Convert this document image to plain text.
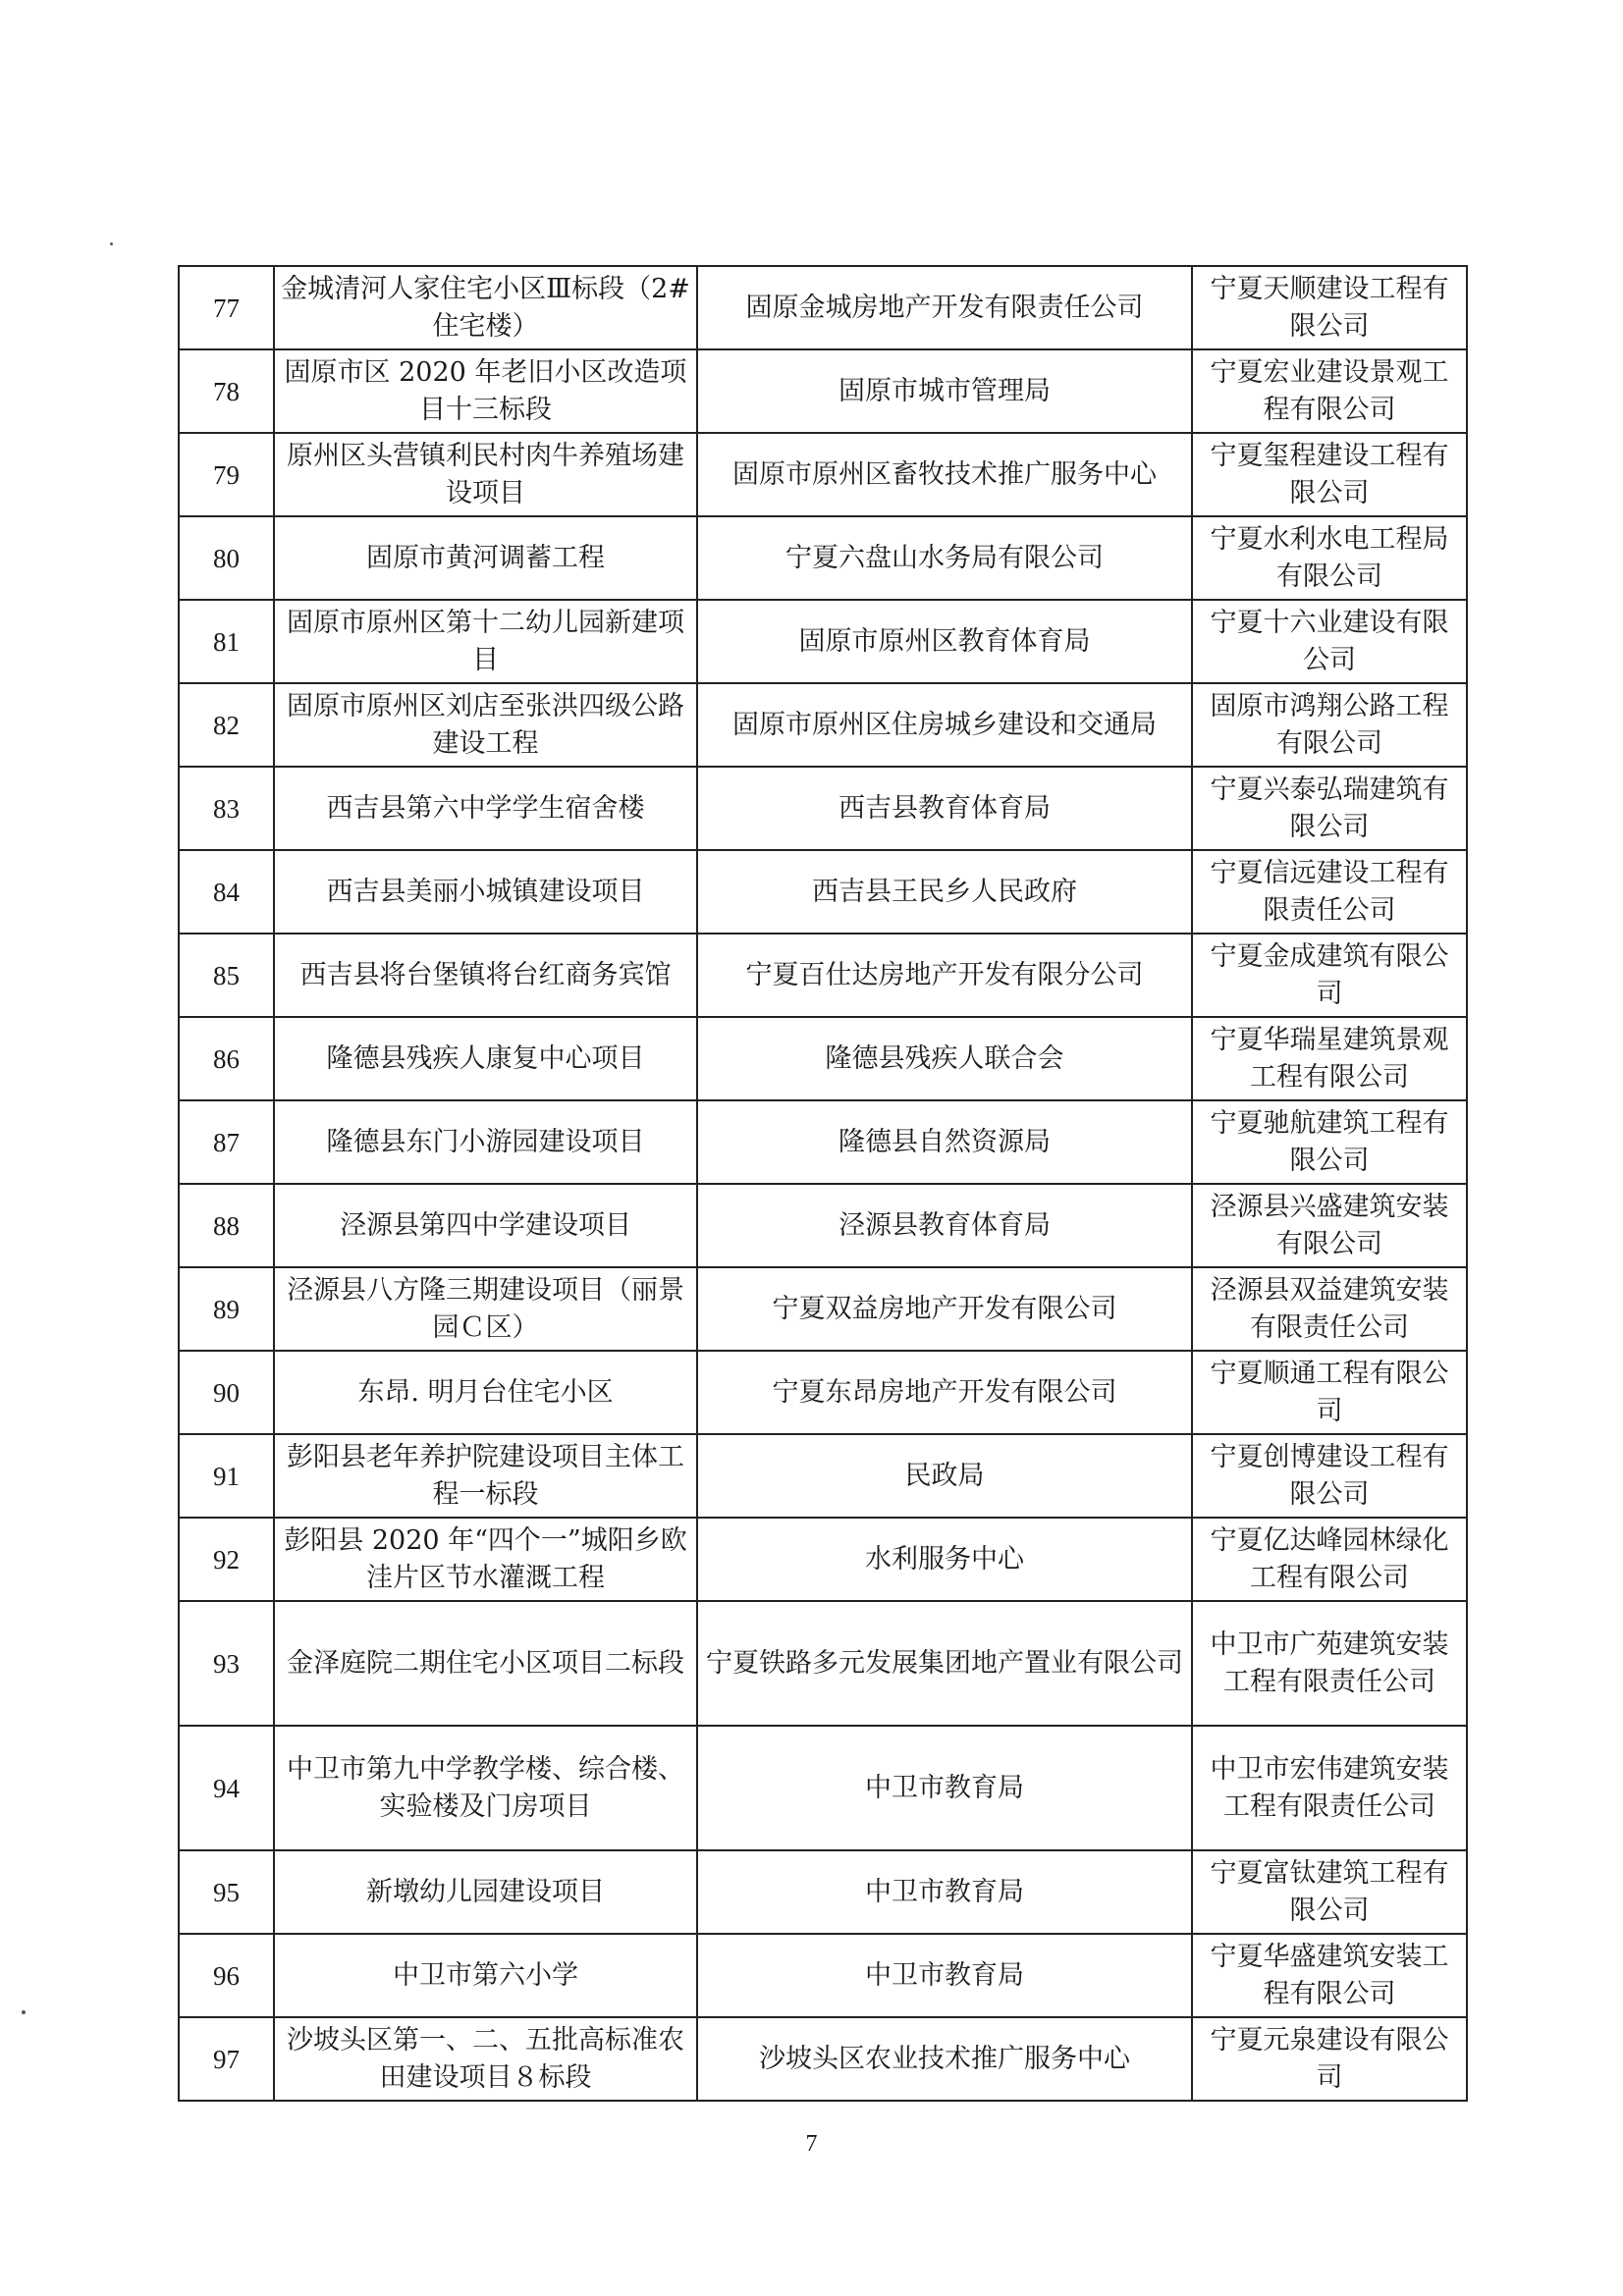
77	金城清河人家住宅小区Ⅲ标段（2#住宅楼）	固原金城房地产开发有限责任公司	宁夏天顺建设工程有限公司
78	固原市区 2020 年老旧小区改造项目十三标段	固原市城市管理局	宁夏宏业建设景观工程有限公司
79	原州区头营镇利民村肉牛养殖场建设项目	固原市原州区畜牧技术推广服务中心	宁夏玺程建设工程有限公司
80	固原市黄河调蓄工程	宁夏六盘山水务局有限公司	宁夏水利水电工程局有限公司
81	固原市原州区第十二幼儿园新建项目	固原市原州区教育体育局	宁夏十六业建设有限公司
82	固原市原州区刘店至张洪四级公路建设工程	固原市原州区住房城乡建设和交通局	固原市鸿翔公路工程有限公司
83	西吉县第六中学学生宿舍楼	西吉县教育体育局	宁夏兴泰弘瑞建筑有限公司
84	西吉县美丽小城镇建设项目	西吉县王民乡人民政府	宁夏信远建设工程有限责任公司
85	西吉县将台堡镇将台红商务宾馆	宁夏百仕达房地产开发有限分公司	宁夏金成建筑有限公司
86	隆德县残疾人康复中心项目	隆德县残疾人联合会	宁夏华瑞星建筑景观工程有限公司
87	隆德县东门小游园建设项目	隆德县自然资源局	宁夏驰航建筑工程有限公司
88	泾源县第四中学建设项目	泾源县教育体育局	泾源县兴盛建筑安装有限公司
89	泾源县八方隆三期建设项目（丽景园Ｃ区）	宁夏双益房地产开发有限公司	泾源县双益建筑安装有限责任公司
90	东昂. 明月台住宅小区	宁夏东昂房地产开发有限公司	宁夏顺通工程有限公司
91	彭阳县老年养护院建设项目主体工程一标段	民政局	宁夏创博建设工程有限公司
92	彭阳县 2020 年“四个一”城阳乡欧洼片区节水灌溉工程	水利服务中心	宁夏亿达峰园林绿化工程有限公司
93	金泽庭院二期住宅小区项目二标段	宁夏铁路多元发展集团地产置业有限公司	中卫市广苑建筑安装工程有限责任公司
94	中卫市第九中学教学楼、综合楼、实验楼及门房项目	中卫市教育局	中卫市宏伟建筑安装工程有限责任公司
95	新墩幼儿园建设项目	中卫市教育局	宁夏富钛建筑工程有限公司
96	中卫市第六小学	中卫市教育局	宁夏华盛建筑安装工程有限公司
97	沙坡头区第一、二、五批高标准农田建设项目８标段	沙坡头区农业技术推广服务中心	宁夏元泉建设有限公司
7
